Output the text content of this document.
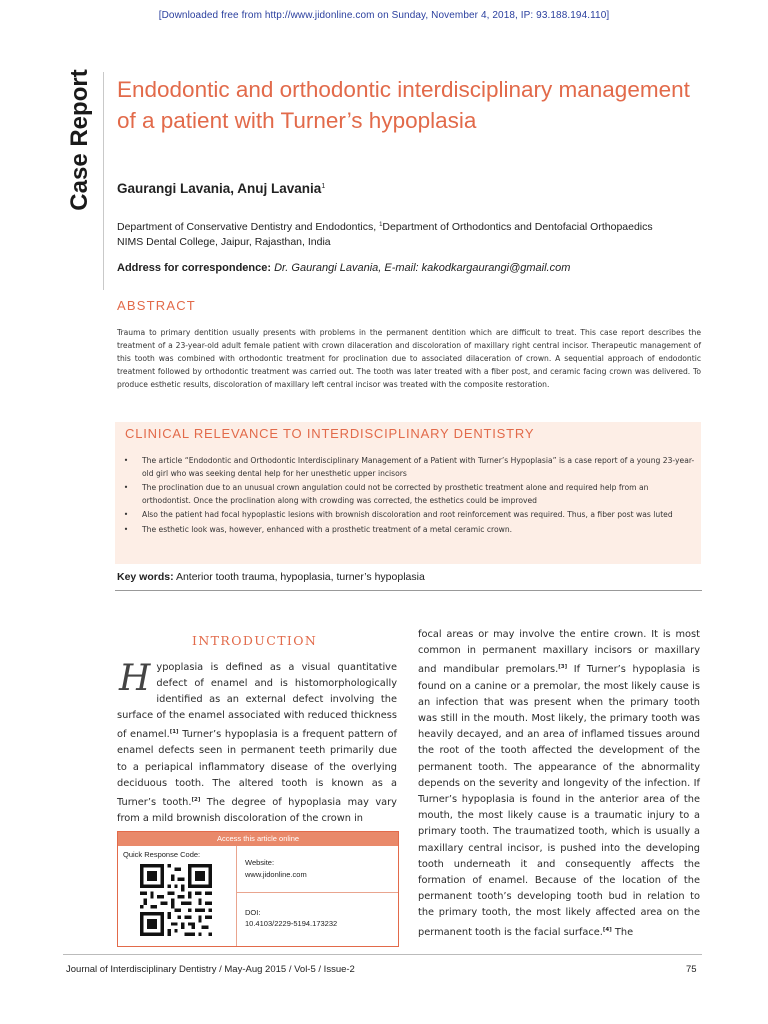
[Downloaded free from http://www.jidonline.com on Sunday, November 4, 2018, IP: 93.188.194.110]
Case Report Endodontic and orthodontic interdisciplinary management of a patient with Turner’s hypoplasia
Gaurangi Lavania, Anuj Lavania$^1$
Department of Conservative Dentistry and Endodontics, $^1$Department of Orthodontics and Dentofacial Orthopaedics
NIMS Dental College, Jaipur, Rajasthan, India
Address for correspondence: Dr. Gaurangi Lavania, E-mail: kakodkargaurangi@gmail.com
ABSTRACT
Trauma to primary dentition usually presents with problems in the permanent dentition which are difficult to treat. This case report describes the treatment of a 23-year-old adult female patient with crown dilaceration and discoloration of maxillary right central incisor. Therapeutic management of this tooth was combined with orthodontic treatment for proclination due to associated dilaceration of crown. A sequential approach of endodontic treatment followed by orthodontic treatment was carried out. The tooth was later treated with a fiber post, and ceramic facing crown was delivered. To produce esthetic results, discoloration of maxillary left central incisor was treated with the composite restoration.
CLINICAL RELEVANCE TO INTERDISCIPLINARY DENTISTRY
•	The article “Endodontic and Orthodontic Interdisciplinary Management of a Patient with Turner’s Hypoplasia” is a case report of a young 23-year-old girl who was seeking dental help for her unesthetic upper incisors
•	The proclination due to an unusual crown angulation could not be corrected by prosthetic treatment alone and required help from an orthodontist. Once the proclination along with crowding was corrected, the esthetics could be improved
•	Also the patient had focal hypoplastic lesions with brownish discoloration and root reinforcement was required. Thus, a fiber post was luted
•	The esthetic look was, however, enhanced with a prosthetic treatment of a metal ceramic crown.
Key words: Anterior tooth trauma, hypoplasia, turner’s hypoplasia
INTRODUCTION
Hypoplasia is defined as a visual quantitative defect of enamel and is histomorphologically identified as an external defect involving the surface of the enamel associated with reduced thickness of enamel.[1] Turner’s hypoplasia is a frequent pattern of enamel defects seen in permanent teeth primarily due to a periapical inflammatory disease of the overlying deciduous tooth. The altered tooth is known as a Turner’s tooth.[2] The degree of hypoplasia may vary from a mild brownish discoloration of the crown in
Access this article online
Quick Response Code:
Website:
www.jidonline.com
DOI:
10.4103/2229-5194.173232
focal areas or may involve the entire crown. It is most common in permanent maxillary incisors or maxillary and mandibular premolars.[3] If Turner’s hypoplasia is found on a canine or a premolar, the most likely cause is an infection that was present when the primary tooth was still in the mouth. Most likely, the primary tooth was heavily decayed, and an area of inflamed tissues around the root of the tooth affected the development of the permanent tooth. The appearance of the abnormality depends on the severity and longevity of the infection. If Turner’s hypoplasia is found in the anterior area of the mouth, the most likely cause is a traumatic injury to a primary tooth. The traumatized tooth, which is usually a maxillary central incisor, is pushed into the developing tooth underneath it and consequently affects the formation of enamel. Because of the location of the permanent tooth’s developing tooth bud in relation to the primary tooth, the most likely affected area on the permanent tooth is the facial surface.[4] The
Journal of Interdisciplinary Dentistry / May-Aug 2015 / Vol-5 / Issue-2	75
